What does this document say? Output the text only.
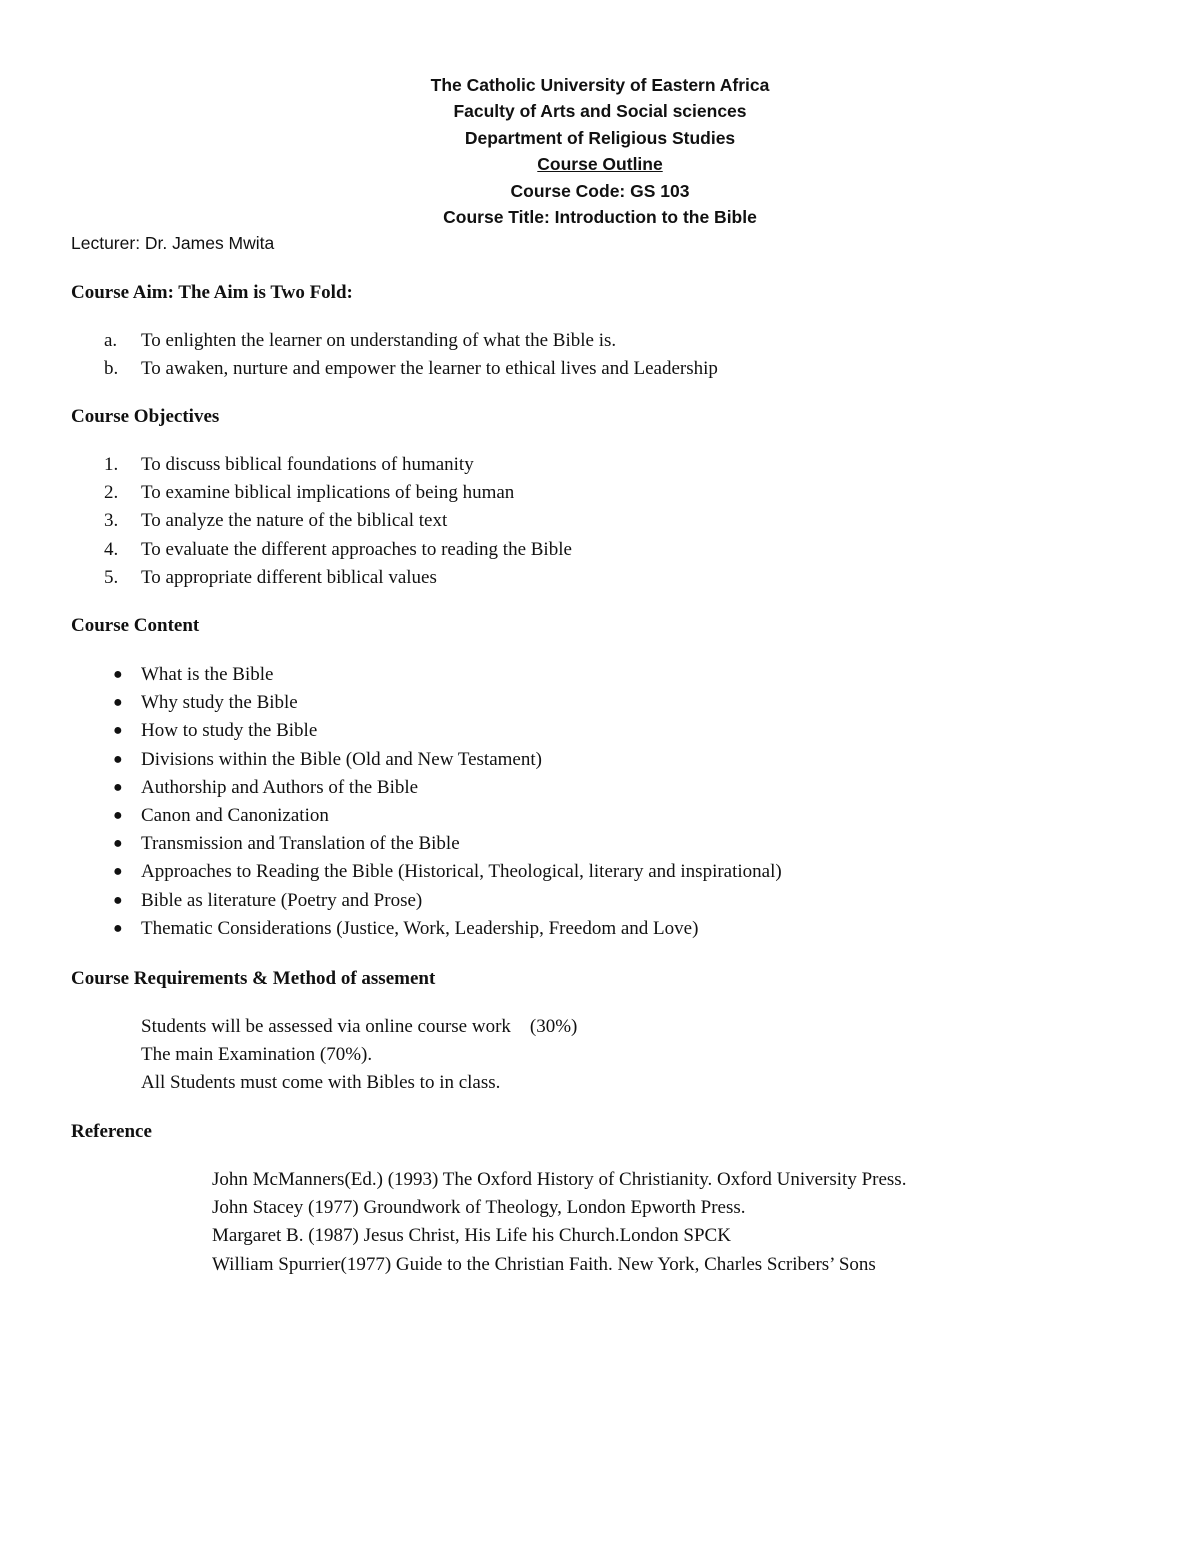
The Catholic University of Eastern Africa
Faculty of Arts and Social sciences
Department of Religious Studies
Course Outline
Course Code: GS 103
Course Title: Introduction to the Bible
Lecturer: Dr. James Mwita
Course Aim: The Aim is Two Fold:
a.	To enlighten the learner on understanding of what the Bible is.
b.	To awaken, nurture and empower the learner to ethical lives and Leadership
Course Objectives
1.	To discuss biblical foundations of humanity
2.	To examine biblical implications of being human
3.	To analyze the nature of the biblical text
4.	To evaluate the different approaches to reading the Bible
5.	To appropriate different biblical values
Course Content
● What is the Bible
● Why study the Bible
● How to study the Bible
● Divisions within the Bible (Old and New Testament)
● Authorship and Authors of the Bible
● Canon and Canonization
● Transmission and Translation of the Bible
● Approaches to Reading the Bible (Historical, Theological, literary and inspirational)
● Bible as literature (Poetry and Prose)
● Thematic Considerations (Justice, Work, Leadership, Freedom and Love)
Course Requirements & Method of assement
Students will be assessed via online course work    (30%)
The main Examination (70%).
All Students must come with Bibles to in class.
Reference
John McManners(Ed.) (1993) The Oxford History of Christianity. Oxford University Press.
John Stacey (1977) Groundwork of Theology, London Epworth Press.
Margaret B. (1987) Jesus Christ, His Life his Church.London SPCK
William Spurrier(1977) Guide to the Christian Faith. New York, Charles Scribers’ Sons
